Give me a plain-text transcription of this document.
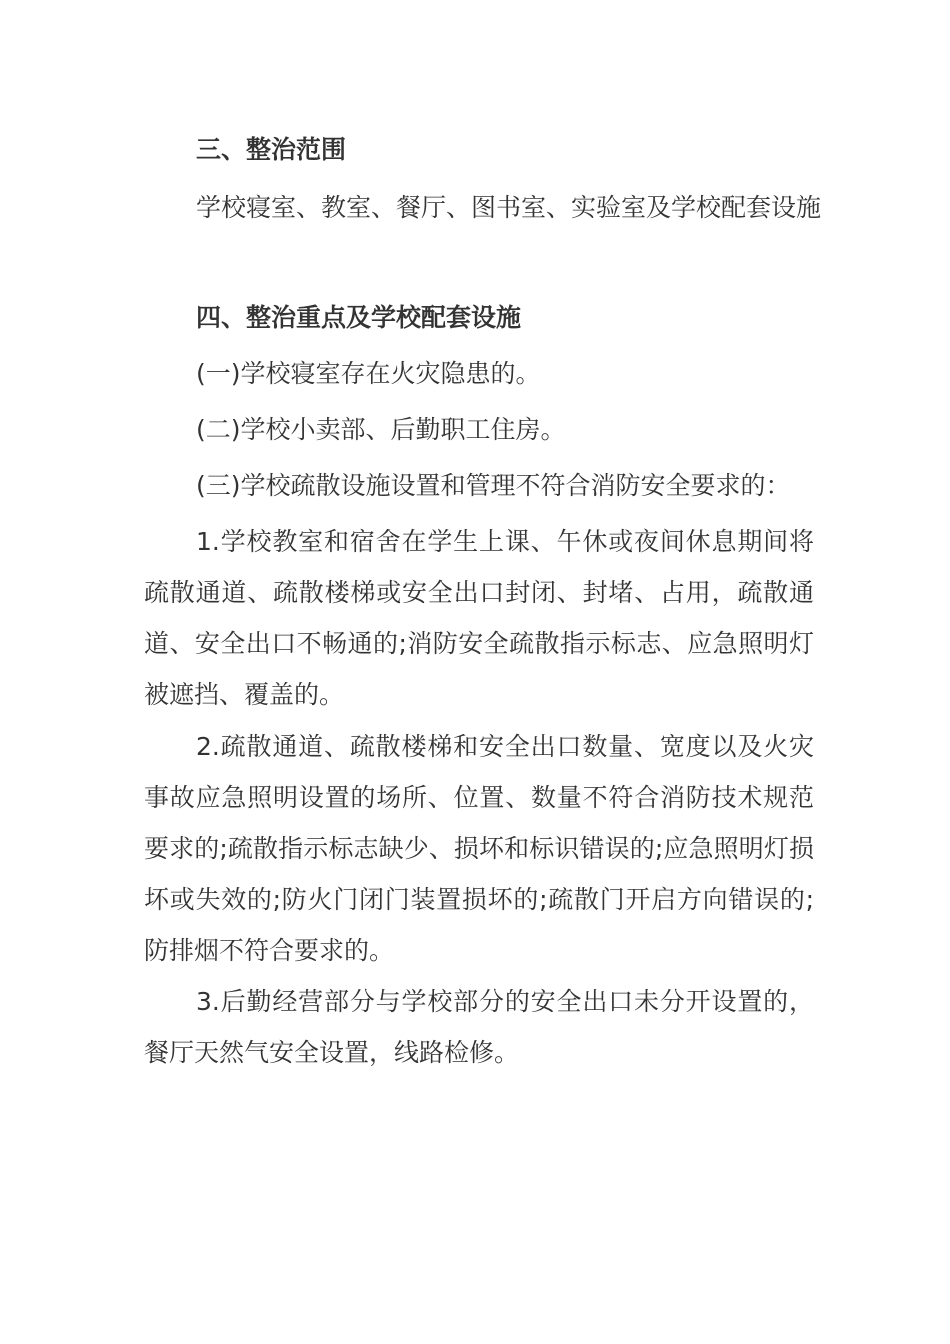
三、整治范围
学校寝室、教室、餐厅、图书室、实验室及学校配套设施
四、整治重点及学校配套设施
(一)学校寝室存在火灾隐患的。
(二)学校小卖部、后勤职工住房。
(三)学校疏散设施设置和管理不符合消防安全要求的：
1.学校教室和宿舍在学生上课、午休或夜间休息期间将疏散通道、疏散楼梯或安全出口封闭、封堵、占用，疏散通道、安全出口不畅通的;消防安全疏散指示标志、应急照明灯被遮挡、覆盖的。
2.疏散通道、疏散楼梯和安全出口数量、宽度以及火灾事故应急照明设置的场所、位置、数量不符合消防技术规范要求的;疏散指示标志缺少、损坏和标识错误的;应急照明灯损坏或失效的;防火门闭门装置损坏的;疏散门开启方向错误的;防排烟不符合要求的。
3.后勤经营部分与学校部分的安全出口未分开设置的，餐厅天然气安全设置，线路检修。
